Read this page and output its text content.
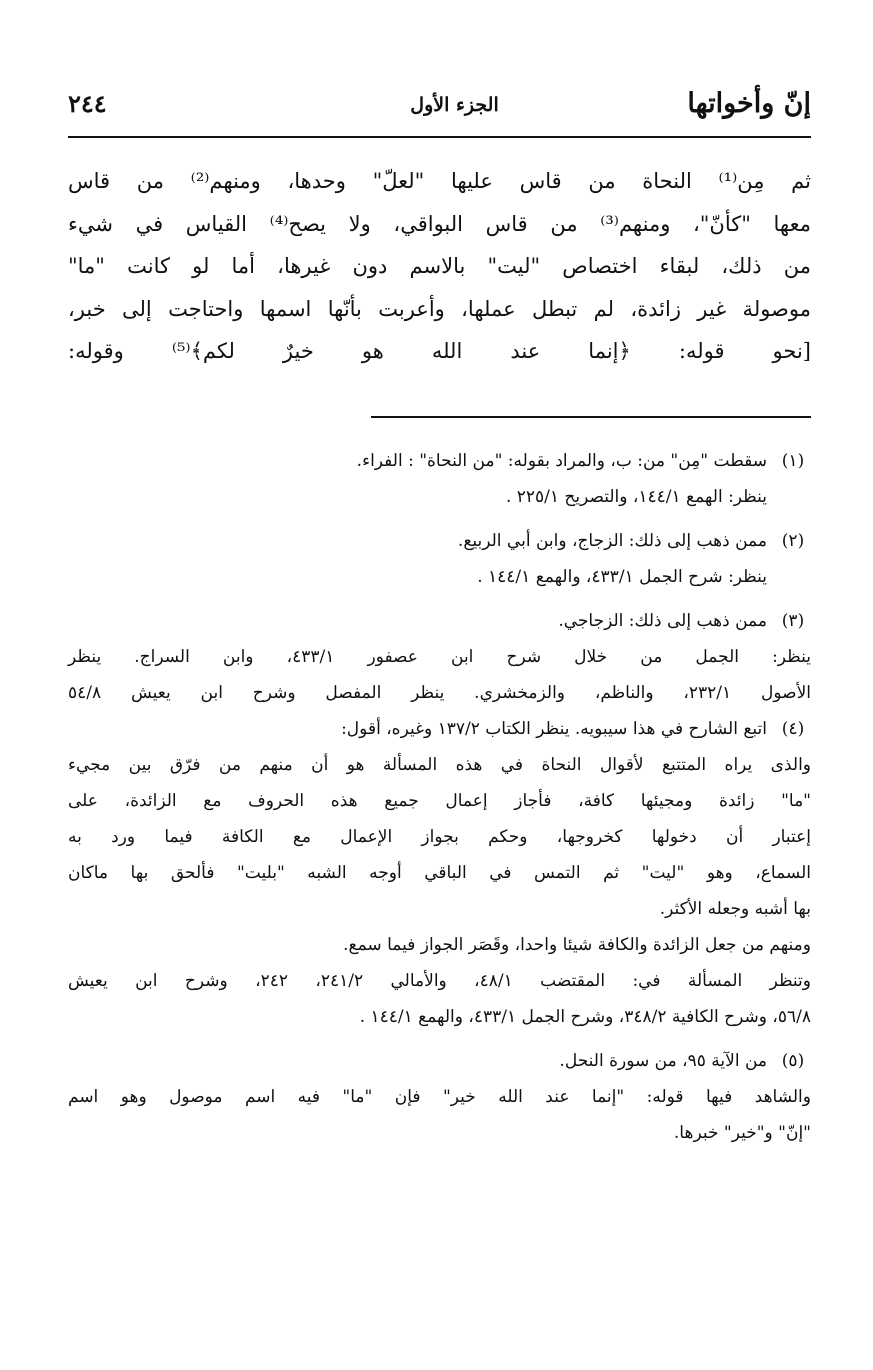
إنّ وأخواتها
الجزء الأول
٢٤٤
ثم مِن⁽¹⁾ النحاة من قاس عليها "لعلّ" وحدها، ومنهم⁽²⁾ من قاس
معها "كأنّ"، ومنهم⁽³⁾ من قاس البواقي، ولا يصح⁽⁴⁾ القياس في شيء
من ذلك، لبقاء اختصاص "ليت" بالاسم دون غيرها، أما لو كانت "ما"
موصولة غير زائدة، لم تبطل عملها، وأعربت بأنّها اسمها واحتاجت إلى خبر،
[نحو قوله: ﴿إنما عند الله هو خيرٌ لكم﴾⁽⁵⁾ وقوله:
(١)
سقطت "مِن" من: ب، والمراد بقوله: "من النحاة" : الفراء.
ينظر: الهمع ١٤٤/١، والتصريح ٢٢٥/١ .
(٢)
ممن ذهب إلى ذلك: الزجاج، وابن أبي الربيع.
ينظر: شرح الجمل ٤٣٣/١، والهمع ١٤٤/١ .
(٣)
ممن ذهب إلى ذلك: الزجاجي.
ينظر: الجمل من خلال شرح ابن عصفور ٤٣٣/١، وابن السراج. ينظر
الأصول ٢٣٢/١، والناظم، والزمخشري. ينظر المفصل وشرح ابن يعيش ٥٤/٨
(٤)
اتبع الشارح في هذا سيبويه. ينظر الكتاب ١٣٧/٢ وغيره، أقول:
والذى يراه المتتبع لأقوال النحاة في هذه المسألة هو أن منهم من فرّق بين مجيء
"ما" زائدة ومجيئها كافة، فأجاز إعمال جميع هذه الحروف مع الزائدة، على
إعتبار أن دخولها كخروجها، وحكم بجواز الإعمال مع الكافة فيما ورد به
السماع، وهو "ليت" ثم التمس في الباقي أوجه الشبه "بليت" فألحق بها ماكان
بها أشبه وجعله الأكثر.
ومنهم من جعل الزائدة والكافة شيئا واحدا، وقَصَر الجواز فيما سمع.
وتنظر المسألة في: المقتضب ٤٨/١، والأمالي ٢٤١/٢، ٢٤٢، وشرح ابن يعيش
٥٦/٨، وشرح الكافية ٣٤٨/٢، وشرح الجمل ٤٣٣/١، والهمع ١٤٤/١ .
(٥)
من الآية ٩٥، من سورة النحل.
والشاهد فيها قوله: "إنما عند الله خير" فإن "ما" فيه اسم موصول وهو اسم
"إنّ" و"خير" خبرها.
